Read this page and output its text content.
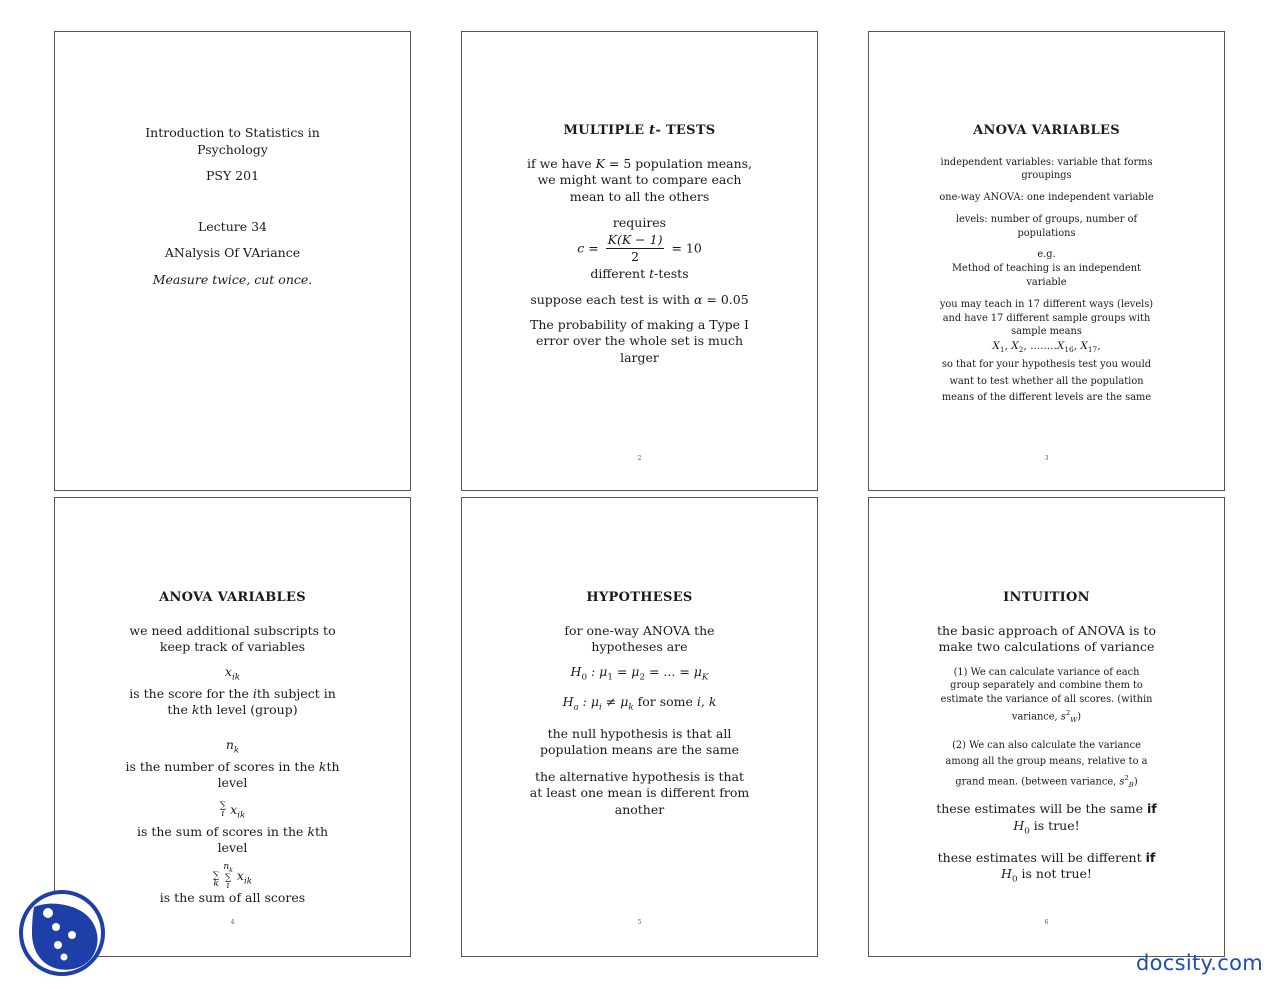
Introduction to Statistics in
Psychology
PSY 201
Lecture 34
ANalysis Of VAriance
Measure twice, cut once.
MULTIPLE t- TESTS
if we have K = 5 population means, we might want to compare each mean to all the others
requires
$c = \frac{K(K - 1)}{2} = 10$
different t-tests
suppose each test is with α = 0.05
The probability of making a Type I error over the whole set is much larger
2
ANOVA VARIABLES
independent variables: variable that forms groupings
one-way ANOVA: one independent variable
levels: number of groups, number of populations
e.g.
Method of teaching is an independent variable
you may teach in 17 different ways (levels) and have 17 different sample groups with sample means
$X_1$, $X_2$, $........X_{16}$, $X_{17}$,
so that for your hypothesis test you would want to test whether all the population means of the different levels are the same
3
ANOVA VARIABLES
we need additional subscripts to keep track of variables
$x_{ik}$
is the score for the ith subject in the kth level (group)
$n_k$
is the number of scores in the kth level
∑
i $x_{ik}$
is the sum of scores in the kth level

∑
k $n_k$
∑
i $x_{ik}$
is the sum of all scores
4
HYPOTHESES
for one-way ANOVA the hypotheses are
$H_0$ : $\mu_1 = \mu_2$ = ... = $\mu_K$
$H_a$ : $\mu_i \ne \mu_k$ for some i, k
the null hypothesis is that all population means are the same
the alternative hypothesis is that at least one mean is different from another
5
INTUITION
the basic approach of ANOVA is to make two calculations of variance
(1) We can calculate variance of each group separately and combine them to estimate the variance of all scores. (within variance, $s^2_W$)
(2) We can also calculate the variance among all the group means, relative to a grand mean. (between variance, $s^2_B$)
these estimates will be the same if
$H_0$ is true!
these estimates will be different if
$H_0$ is not true!
6
docsity.com
